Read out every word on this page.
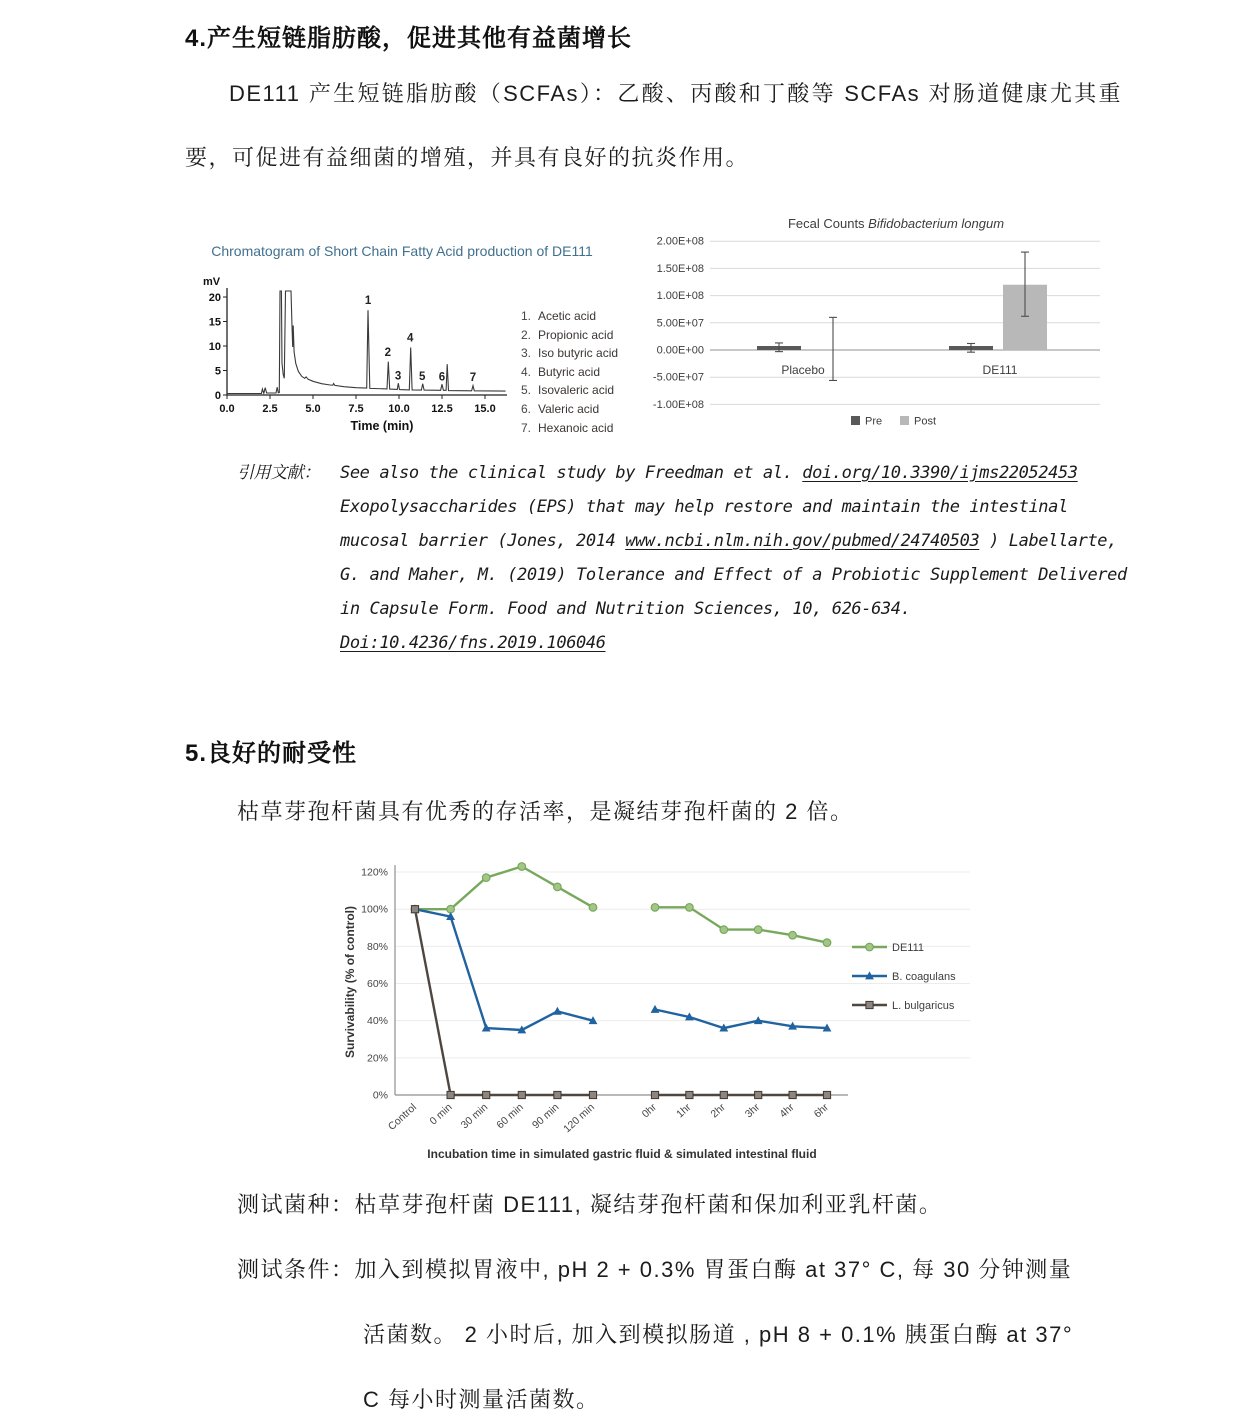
4.产生短链脂肪酸，促进其他有益菌增长
DE111 产生短链脂肪酸（SCFAs）：乙酸、丙酸和丁酸等 SCFAs 对肠道健康尤其重要，可促进有益细菌的增殖，并具有良好的抗炎作用。
Chromatogram of Short Chain Fatty Acid production of DE111
mV
0
5
10
15
20
0.0	2.5	5.0	7.5 10.0 12.5 15.0
Time (min)
1
2
3
4
5 6 7
1. Acetic acid
2. Propionic acid
3. Iso butyric acid
4. Butyric acid
5. Isovaleric acid
6. Valeric acid
7. Hexanoic acid
Fecal Counts Bifidobacterium longum
2.00E+08
1.50E+08
1.00E+08
5.00E+07
0.00E+00
-5.00E+07
-1.00E+08
Placebo	DE111
Pre	Post
引用文献：	See also the clinical study by Freedman et al. doi.org/10.3390/ijms22052453
Exopolysaccharides (EPS) that may help restore and maintain the intestinal
mucosal barrier (Jones, 2014 www.ncbi.nlm.nih.gov/pubmed/24740503 ) Labellarte,
G. and Maher, M. (2019) Tolerance and Effect of a Probiotic Supplement Delivered
in Capsule Form. Food and Nutrition Sciences, 10, 626-634.
Doi:10.4236/fns.2019.106046
5.良好的耐受性
枯草芽孢杆菌具有优秀的存活率，是凝结芽孢杆菌的 2 倍。
0%
20%
40%
60%
80%
100%
120%
Control 0 min 30 min 60 min 90 min 120 min	0hr 1hr 2hr 3hr 4hr 6hr
Incubation time in simulated gastric fluid & simulated intestinal fluid
Survivability (% of control)	DE111
B. coagulans
L. bulgaricus
测试菌种：枯草芽孢杆菌 DE111, 凝结芽孢杆菌和保加利亚乳杆菌。
测试条件：加入到模拟胃液中, pH 2 + 0.3% 胃蛋白酶 at 37° C, 每 30 分钟测量
活菌数。 2 小时后, 加入到模拟肠道 , pH 8 + 0.1% 胰蛋白酶 at 37°
C 每小时测量活菌数。
